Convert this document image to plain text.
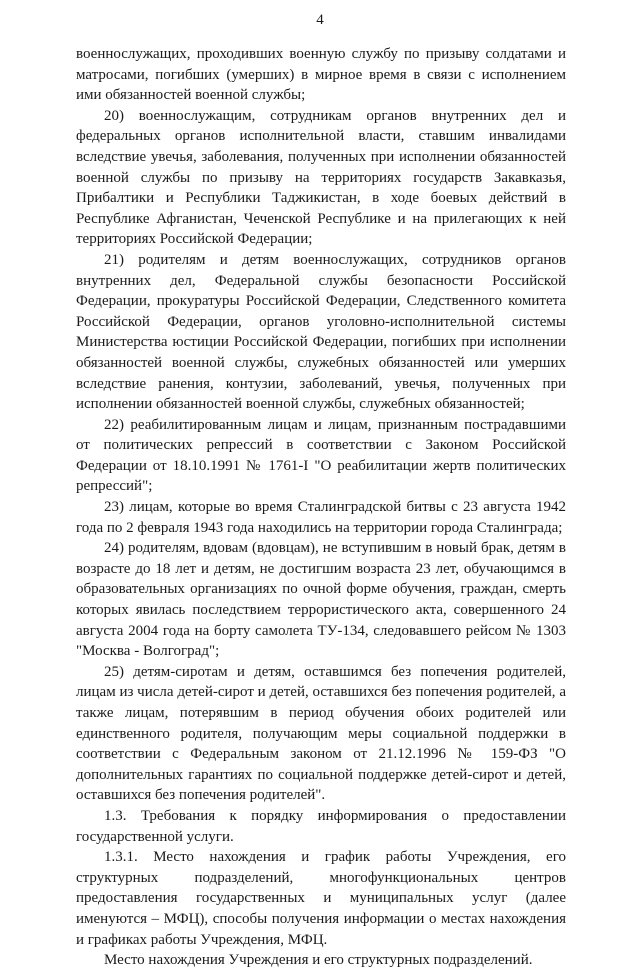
4

военнослужащих, проходивших военную службу по призыву солдатами и матросами, погибших (умерших) в мирное время в связи с исполнением ими обязанностей военной службы;

20) военнослужащим, сотрудникам органов внутренних дел и федеральных органов исполнительной власти, ставшим инвалидами вследствие увечья, заболевания, полученных при исполнении обязанностей военной службы по призыву на территориях государств Закавказья, Прибалтики и Республики Таджикистан, в ходе боевых действий в Республике Афганистан, Чеченской Республике и на прилегающих к ней территориях Российской Федерации;

21) родителям и детям военнослужащих, сотрудников органов внутренних дел, Федеральной службы безопасности Российской Федерации, прокуратуры Российской Федерации, Следственного комитета Российской Федерации, органов уголовно-исполнительной системы Министерства юстиции Российской Федерации, погибших при исполнении обязанностей военной службы, служебных обязанностей или умерших вследствие ранения, контузии, заболеваний, увечья, полученных при исполнении обязанностей военной службы, служебных обязанностей;

22) реабилитированным лицам и лицам, признанным пострадавшими от политических репрессий в соответствии с Законом Российской Федерации от 18.10.1991 № 1761-I "О реабилитации жертв политических репрессий";

23) лицам, которые во время Сталинградской битвы с 23 августа 1942 года по 2 февраля 1943 года находились на территории города Сталинграда;

24) родителям, вдовам (вдовцам), не вступившим в новый брак, детям в возрасте до 18 лет и детям, не достигшим возраста 23 лет, обучающимся в образовательных организациях по очной форме обучения, граждан, смерть которых явилась последствием террористического акта, совершенного 24 августа 2004 года на борту самолета ТУ-134, следовавшего рейсом № 1303 "Москва - Волгоград";

25) детям-сиротам и детям, оставшимся без попечения родителей, лицам из числа детей-сирот и детей, оставшихся без попечения родителей, а также лицам, потерявшим в период обучения обоих родителей или единственного родителя, получающим меры социальной поддержки в соответствии с Федеральным законом от 21.12.1996 № 159-ФЗ "О дополнительных гарантиях по социальной поддержке детей-сирот и детей, оставшихся без попечения родителей".

1.3. Требования к порядку информирования о предоставлении государственной услуги.

1.3.1. Место нахождения и график работы Учреждения, его структурных подразделений, многофункциональных центров предоставления государственных и муниципальных услуг (далее именуются – МФЦ), способы получения информации о местах нахождения и графиках работы Учреждения, МФЦ.

Место нахождения Учреждения и его структурных подразделений.
